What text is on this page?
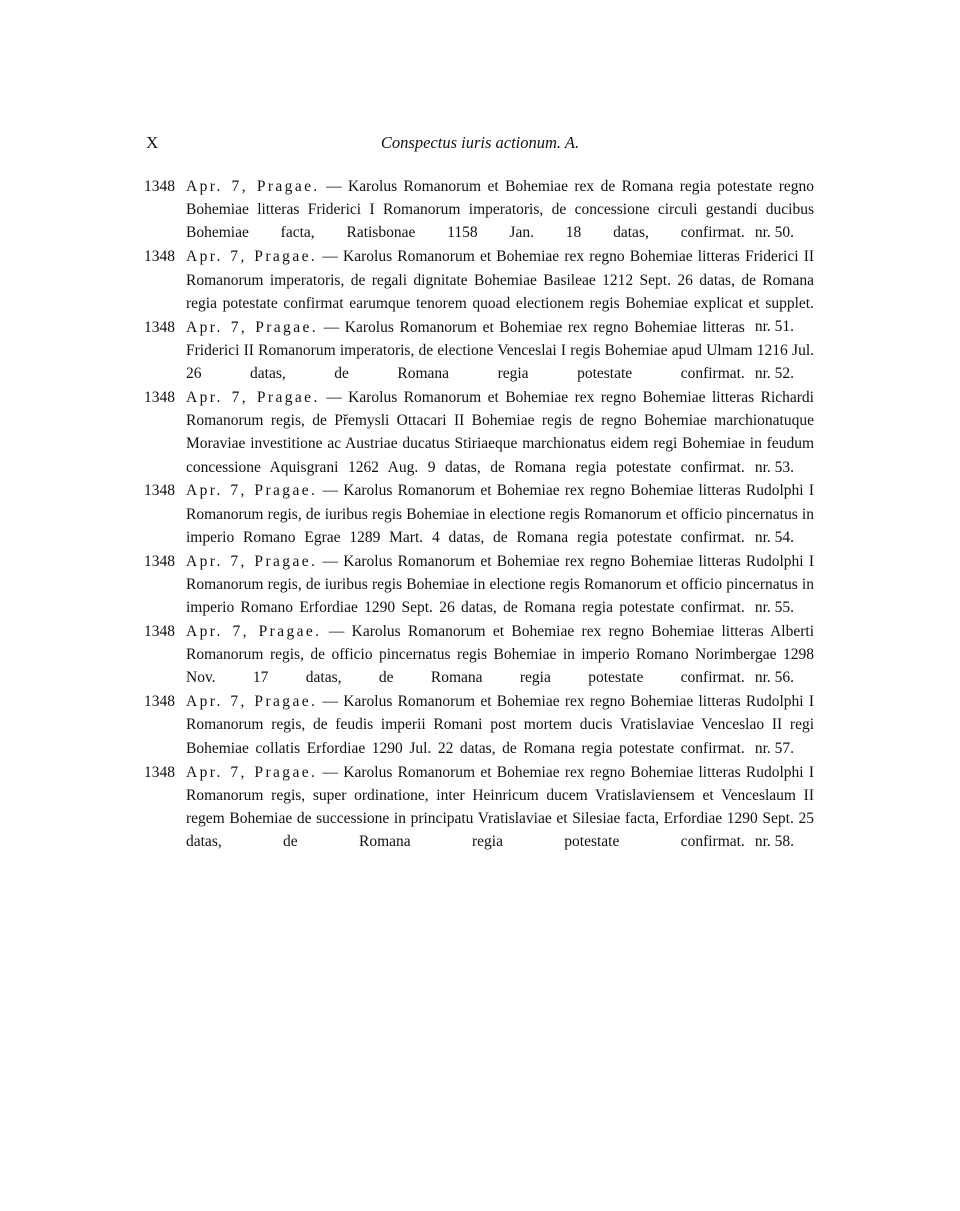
X	Conspectus iuris actionum. A.
1348 Apr. 7, Pragae. — Karolus Romanorum et Bohemiae rex de Romana regia potestate regno Bohemiae litteras Friderici I Romanorum imperatoris, de concessione circuli gestandi ducibus Bohemiae facta, Ratisbonae 1158 Jan. 18 datas, confirmat. nr. 50.
1348 Apr. 7, Pragae. — Karolus Romanorum et Bohemiae rex regno Bohemiae litteras Friderici II Romanorum imperatoris, de regali dignitate Bohemiae Basileae 1212 Sept. 26 datas, de Romana regia potestate confirmat earumque tenorem quoad electionem regis Bohemiae explicat et supplet.
nr. 51.
1348 Apr. 7, Pragae. — Karolus Romanorum et Bohemiae rex regno Bohemiae litteras Friderici II Romanorum imperatoris, de electione Venceslai I regis Bohemiae apud Ulmam 1216 Jul. 26 datas, de Romana regia potestate confirmat. nr. 52.
1348 Apr. 7, Pragae. — Karolus Romanorum et Bohemiae rex regno Bohemiae litteras Richardi Romanorum regis, de Přemysli Ottacari II Bohemiae regis de regno Bohemiae marchionatuque Moraviae investitione ac Austriae ducatus Stiriaeque marchionatus eidem regi Bohemiae in feudum concessione Aquisgrani 1262 Aug. 9 datas, de Romana regia potestate confirmat. nr. 53.
1348 Apr. 7, Pragae. — Karolus Romanorum et Bohemiae rex regno Bohemiae litteras Rudolphi I Romanorum regis, de iuribus regis Bohemiae in electione regis Romanorum et officio pincernatus in imperio Romano Egrae 1289 Mart. 4 datas, de Romana regia potestate confirmat. nr. 54.
1348 Apr. 7, Pragae. — Karolus Romanorum et Bohemiae rex regno Bohemiae litteras Rudolphi I Romanorum regis, de iuribus regis Bohemiae in electione regis Romanorum et officio pincernatus in imperio Romano Erfordiae 1290 Sept. 26 datas, de Romana regia potestate confirmat. nr. 55.
1348 Apr. 7, Pragae. — Karolus Romanorum et Bohemiae rex regno Bohemiae litteras Alberti Romanorum regis, de officio pincernatus regis Bohemiae in imperio Romano Norimbergae 1298 Nov. 17 datas, de Romana regia potestate confirmat. nr. 56.
1348 Apr. 7, Pragae. — Karolus Romanorum et Bohemiae rex regno Bohemiae litteras Rudolphi I Romanorum regis, de feudis imperii Romani post mortem ducis Vratislaviae Venceslao II regi Bohemiae collatis Erfordiae 1290 Jul. 22 datas, de Romana regia potestate confirmat. nr. 57.
1348 Apr. 7, Pragae. — Karolus Romanorum et Bohemiae rex regno Bohemiae litteras Rudolphi I Romanorum regis, super ordinatione, inter Heinricum ducem Vratislaviensem et Venceslaum II regem Bohemiae de successione in principatu Vratislaviae et Silesiae facta, Erfordiae 1290 Sept. 25 datas, de Romana regia potestate confirmat. nr. 58.
